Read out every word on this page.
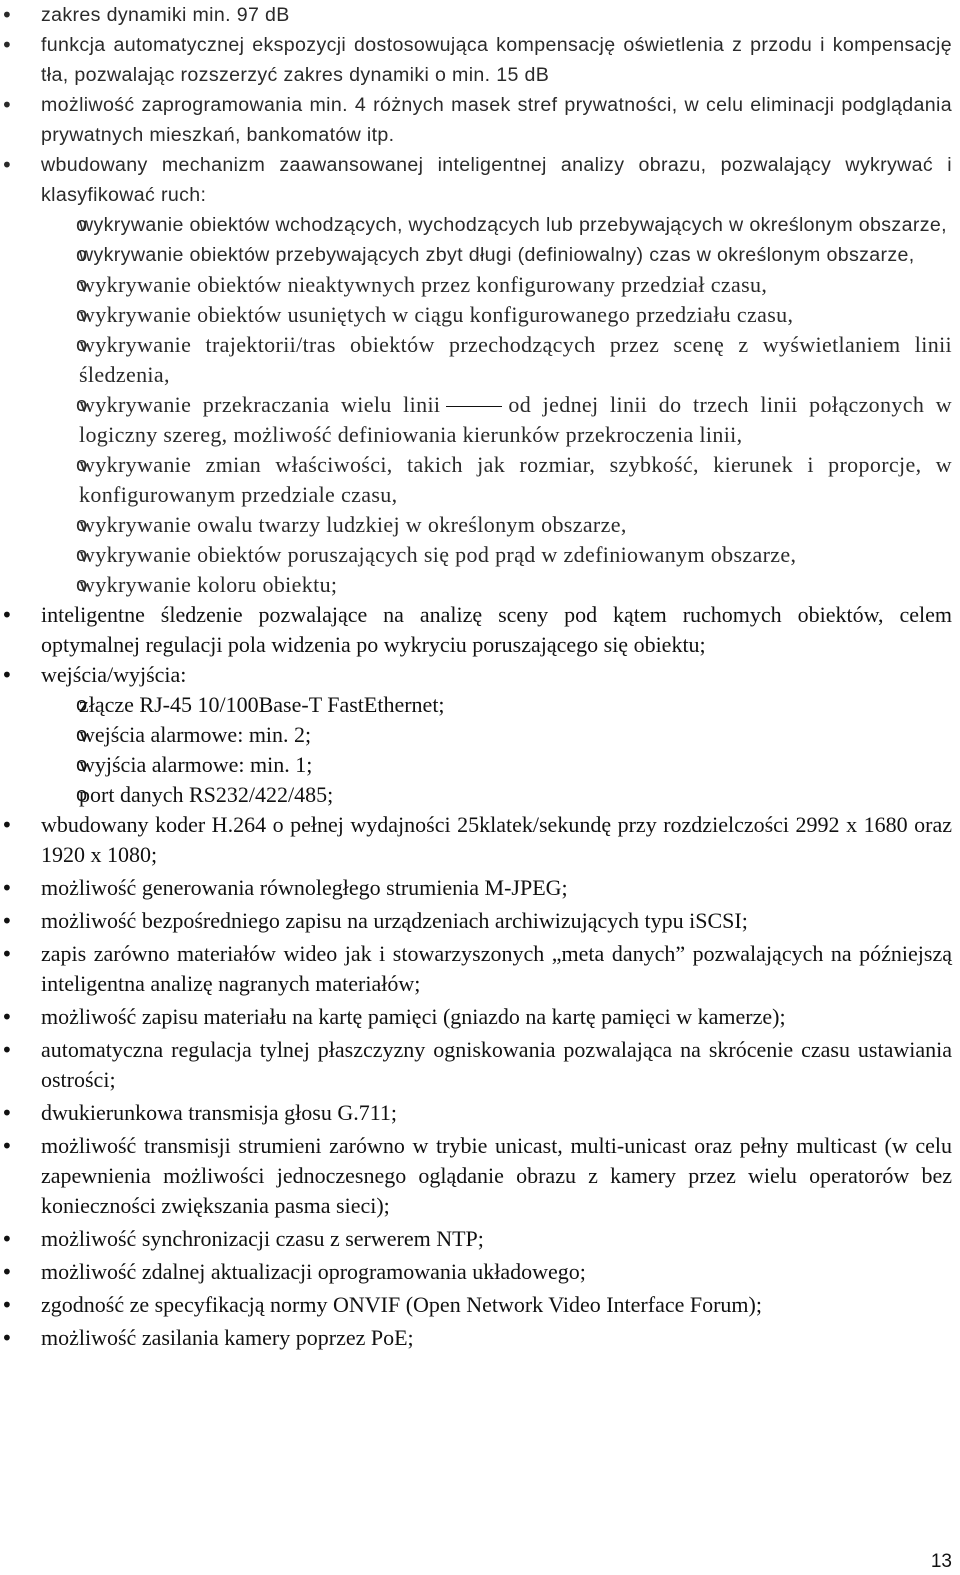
• zakres dynamiki min. 97 dB
• funkcja automatycznej ekspozycji dostosowująca kompensację oświetlenia z przodu i kompensację tła, pozwalając rozszerzyć zakres dynamiki o min. 15 dB
• możliwość zaprogramowania min. 4 różnych masek stref prywatności, w celu eliminacji podglądania prywatnych mieszkań, bankomatów itp.
• wbudowany mechanizm zaawansowanej inteligentnej analizy obrazu, pozwalający wykrywać i klasyfikować ruch:
o wykrywanie obiektów wchodzących, wychodzących lub przebywających w określonym obszarze,
o wykrywanie obiektów przebywających zbyt długi (definiowalny) czas w określonym obszarze,
o wykrywanie obiektów nieaktywnych przez konfigurowany przedział czasu,
o wykrywanie obiektów usuniętych w ciągu konfigurowanego przedziału czasu,
o wykrywanie trajektorii/tras obiektów przechodzących przez scenę z wyświetlaniem linii śledzenia,
o wykrywanie przekraczania wielu linii	od jednej linii do trzech linii połączonych w logiczny szereg, możliwość definiowania kierunków przekroczenia linii,
o wykrywanie zmian właściwości, takich jak rozmiar, szybkość, kierunek i proporcje, w konfigurowanym przedziale czasu,
o wykrywanie owalu twarzy ludzkiej w określonym obszarze,
o wykrywanie obiektów poruszających się pod prąd w zdefiniowanym obszarze,
o wykrywanie koloru obiektu;
• inteligentne śledzenie pozwalające na analizę sceny pod kątem ruchomych obiektów, celem optymalnej regulacji pola widzenia po wykryciu poruszającego się obiektu;
• wejścia/wyjścia:
o złącze RJ-45 10/100Base-T FastEthernet;
o wejścia alarmowe: min. 2;
o wyjścia alarmowe: min. 1;
o port danych RS232/422/485;
• wbudowany koder H.264 o pełnej wydajności 25klatek/sekundę przy rozdzielczości 2992 x 1680 oraz 1920 x 1080;
• możliwość generowania równoległego strumienia M-JPEG;
• możliwość bezpośredniego zapisu na urządzeniach archiwizujących typu iSCSI;
• zapis zarówno materiałów wideo jak i stowarzyszonych „meta danych” pozwalających na późniejszą inteligentna analizę nagranych materiałów;
• możliwość zapisu materiału na kartę pamięci (gniazdo na kartę pamięci w kamerze);
• automatyczna regulacja tylnej płaszczyzny ogniskowania pozwalająca na skrócenie czasu ustawiania ostrości;
• dwukierunkowa transmisja głosu G.711;
• możliwość transmisji strumieni zarówno w trybie unicast, multi-unicast oraz pełny multicast (w celu zapewnienia możliwości jednoczesnego oglądanie obrazu z kamery przez wielu operatorów bez konieczności zwiększania pasma sieci);
• możliwość synchronizacji czasu z serwerem NTP;
• możliwość zdalnej aktualizacji oprogramowania układowego;
• zgodność ze specyfikacją normy ONVIF (Open Network Video Interface Forum);
• możliwość zasilania kamery poprzez PoE;
13
